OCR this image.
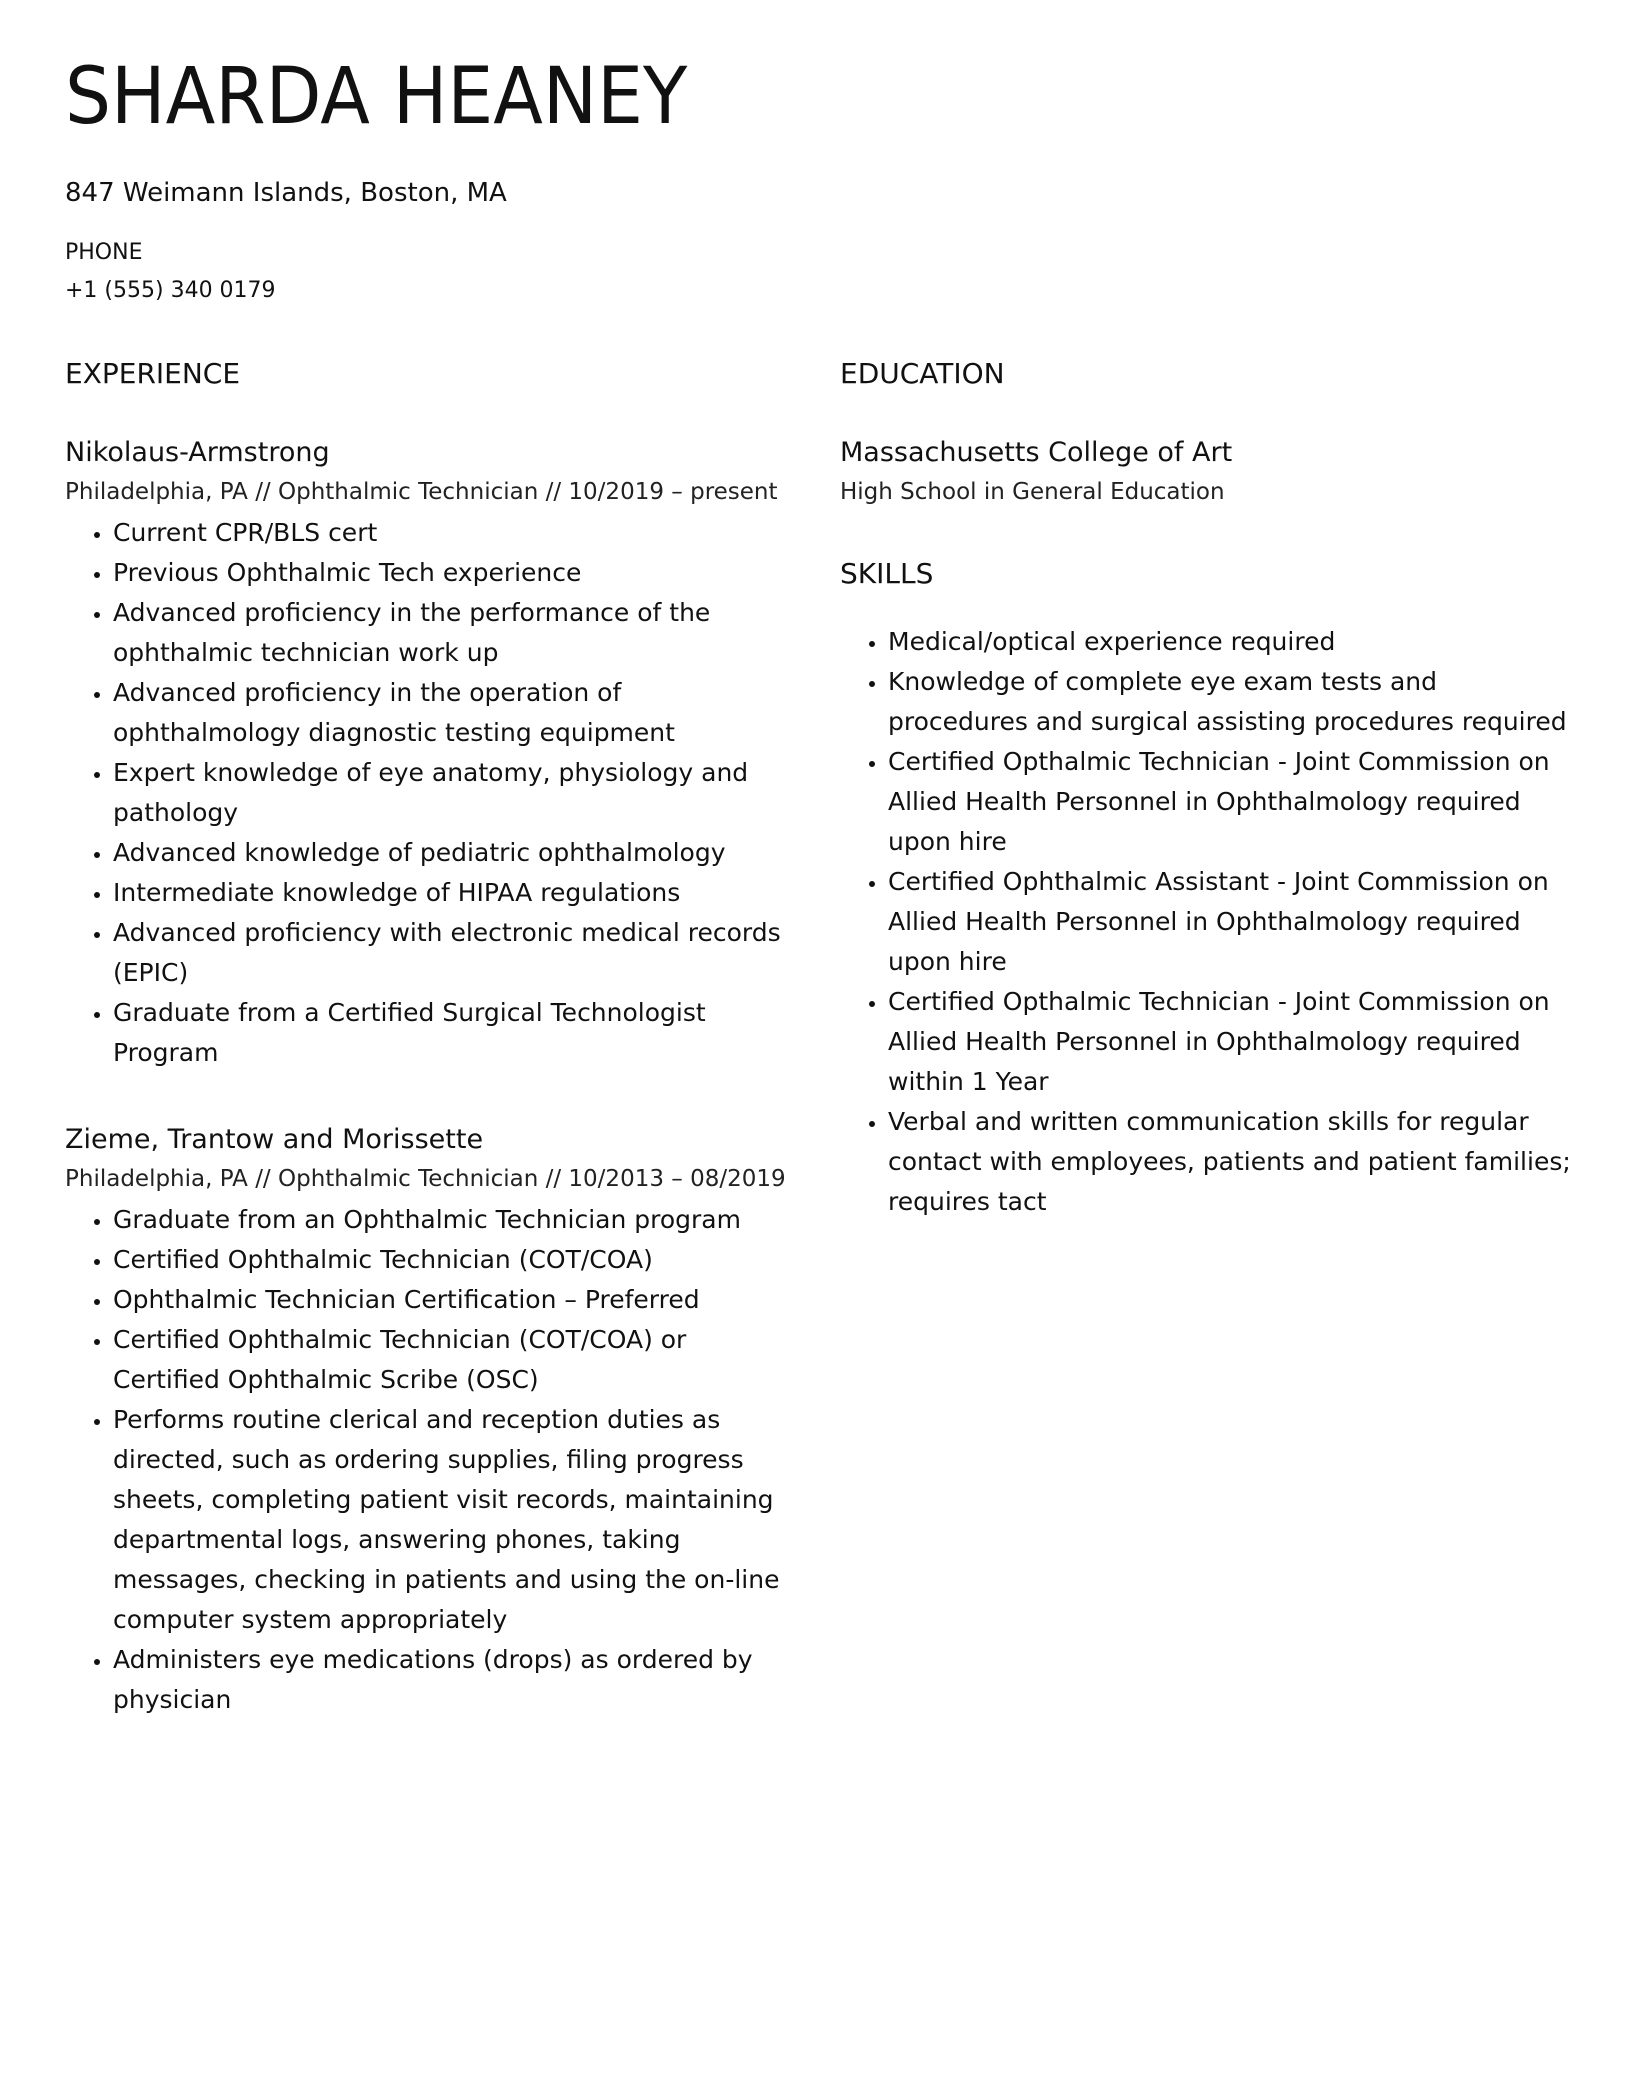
SHARDA HEANEY
847 Weimann Islands, Boston, MA
PHONE
+1 (555) 340 0179
EXPERIENCE
Nikolaus-Armstrong
Philadelphia, PA // Ophthalmic Technician // 10/2019 – present
• Current CPR/BLS cert
• Previous Ophthalmic Tech experience
• Advanced proficiency in the performance of the ophthalmic technician work up
• Advanced proficiency in the operation of ophthalmology diagnostic testing equipment
• Expert knowledge of eye anatomy, physiology and pathology
• Advanced knowledge of pediatric ophthalmology
• Intermediate knowledge of HIPAA regulations
• Advanced proficiency with electronic medical records (EPIC)
• Graduate from a Certified Surgical Technologist Program
Zieme, Trantow and Morissette
Philadelphia, PA // Ophthalmic Technician // 10/2013 – 08/2019
• Graduate from an Ophthalmic Technician program
• Certified Ophthalmic Technician (COT/COA)
• Ophthalmic Technician Certification – Preferred
• Certified Ophthalmic Technician (COT/COA) or Certified Ophthalmic Scribe (OSC)
• Performs routine clerical and reception duties as directed, such as ordering supplies, filing progress sheets, completing patient visit records, maintaining departmental logs, answering phones, taking messages, checking in patients and using the on-line computer system appropriately
• Administers eye medications (drops) as ordered by physician
EDUCATION
Massachusetts College of Art
High School in General Education
SKILLS
• Medical/optical experience required
• Knowledge of complete eye exam tests and procedures and surgical assisting procedures required
• Certified Opthalmic Technician - Joint Commission on Allied Health Personnel in Ophthalmology required upon hire
• Certified Ophthalmic Assistant - Joint Commission on Allied Health Personnel in Ophthalmology required upon hire
• Certified Opthalmic Technician - Joint Commission on Allied Health Personnel in Ophthalmology required within 1 Year
• Verbal and written communication skills for regular contact with employees, patients and patient families; requires tact
